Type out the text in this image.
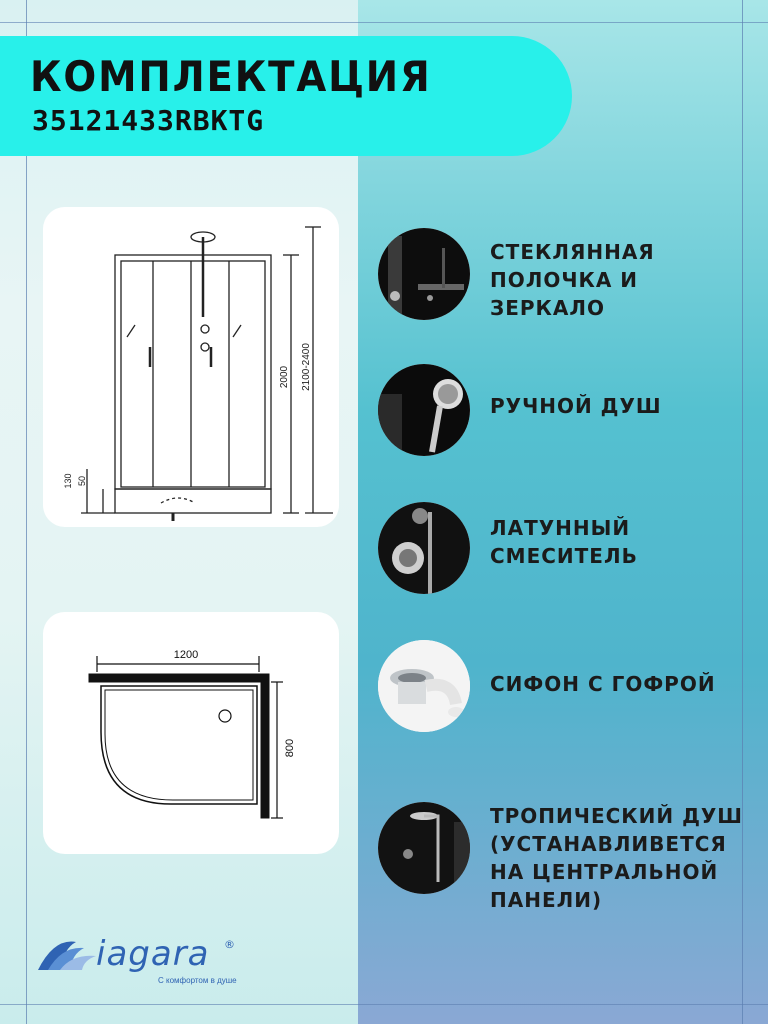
КОМПЛЕКТАЦИЯ
35121433RBKTG
2000 2100-2400
130 50
1200
800

СТЕКЛЯННАЯ
ПОЛОЧКА И ЗЕРКАЛО

РУЧНОЙ ДУШ

ЛАТУННЫЙ
СМЕСИТЕЛЬ

СИФОН С ГОФРОЙ

ТРОПИЧЕСКИЙ ДУШ
(УСТАНАВЛИВЕТСЯ
НА ЦЕНТРАЛЬНОЙ
ПАНЕЛИ)

iagara ®
С комфортом в душе
